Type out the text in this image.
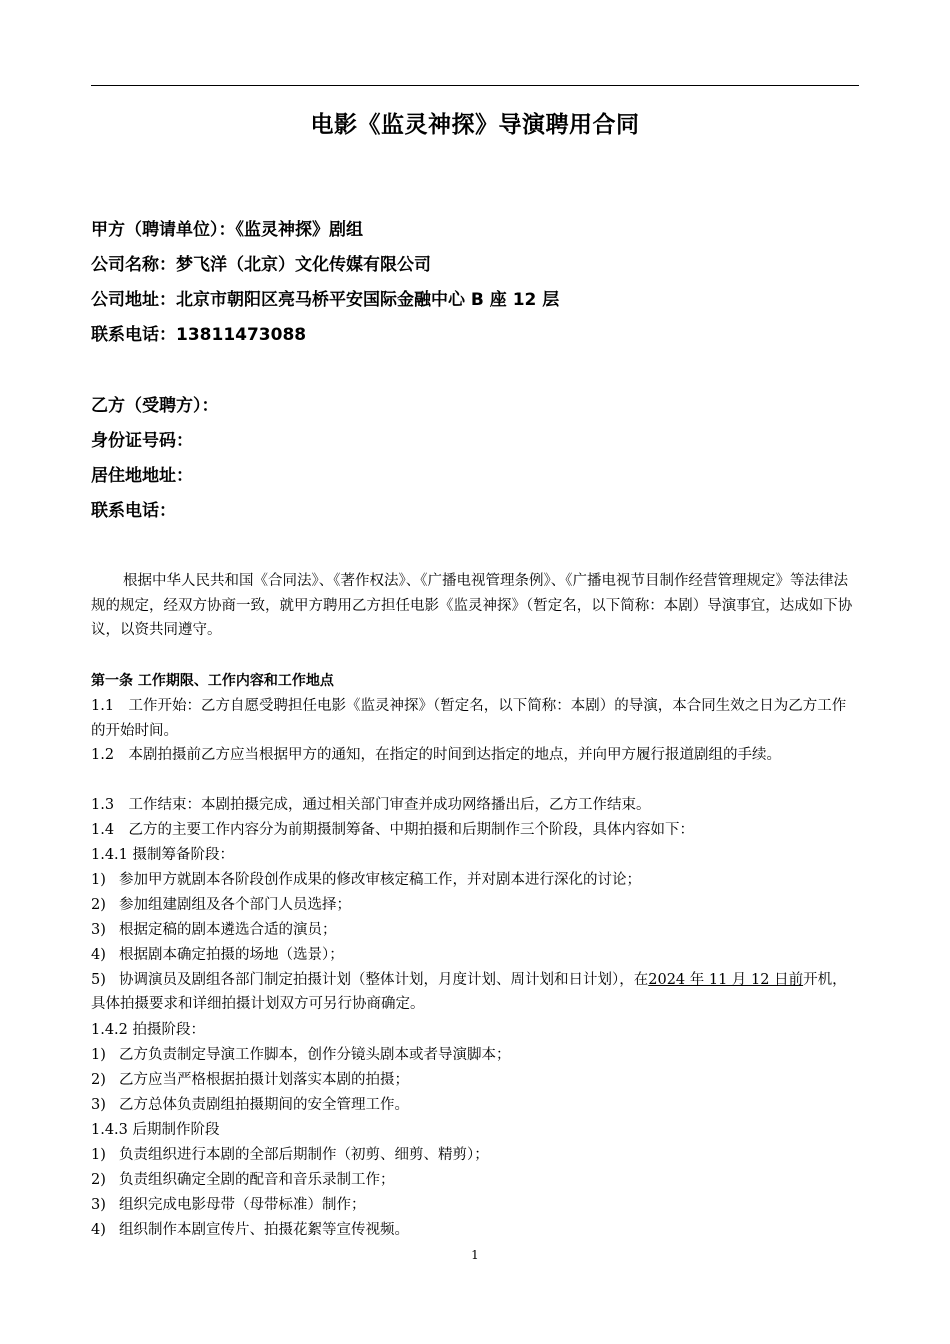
电影《监灵神探》导演聘用合同
甲方（聘请单位）：《监灵神探》剧组
公司名称：梦飞洋（北京）文化传媒有限公司
公司地址：北京市朝阳区亮马桥平安国际金融中心 B 座 12 层
联系电话：13811473088
乙方（受聘方）：
身份证号码：
居住地地址：
联系电话：
根据中华人民共和国《合同法》、《著作权法》、《广播电视管理条例》、《广播电视节目制作经营管理规定》等法律法规的规定，经双方协商一致，就甲方聘用乙方担任电影《监灵神探》（暂定名，以下简称：本剧）导演事宜，达成如下协议，以资共同遵守。
第一条 工作期限、工作内容和工作地点
1.1　工作开始：乙方自愿受聘担任电影《监灵神探》（暂定名，以下简称：本剧）的导演，本合同生效之日为乙方工作的开始时间。
1.2　本剧拍摄前乙方应当根据甲方的通知，在指定的时间到达指定的地点，并向甲方履行报道剧组的手续。
1.3　工作结束：本剧拍摄完成，通过相关部门审查并成功网络播出后，乙方工作结束。
1.4　乙方的主要工作内容分为前期摄制筹备、中期拍摄和后期制作三个阶段，具体内容如下：
1.4.1 摄制筹备阶段：
1) 参加甲方就剧本各阶段创作成果的修改审核定稿工作，并对剧本进行深化的讨论；
2) 参加组建剧组及各个部门人员选择；
3) 根据定稿的剧本遴选合适的演员；
4) 根据剧本确定拍摄的场地（选景）；
5) 协调演员及剧组各部门制定拍摄计划（整体计划，月度计划、周计划和日计划），在2024 年 11 月 12 日前开机，具体拍摄要求和详细拍摄计划双方可另行协商确定。
1.4.2 拍摄阶段：
1) 乙方负责制定导演工作脚本，创作分镜头剧本或者导演脚本；
2) 乙方应当严格根据拍摄计划落实本剧的拍摄；
3) 乙方总体负责剧组拍摄期间的安全管理工作。
1.4.3 后期制作阶段
1) 负责组织进行本剧的全部后期制作（初剪、细剪、精剪）；
2) 负责组织确定全剧的配音和音乐录制工作；
3) 组织完成电影母带（母带标准）制作；
4) 组织制作本剧宣传片、拍摄花絮等宣传视频。
1
